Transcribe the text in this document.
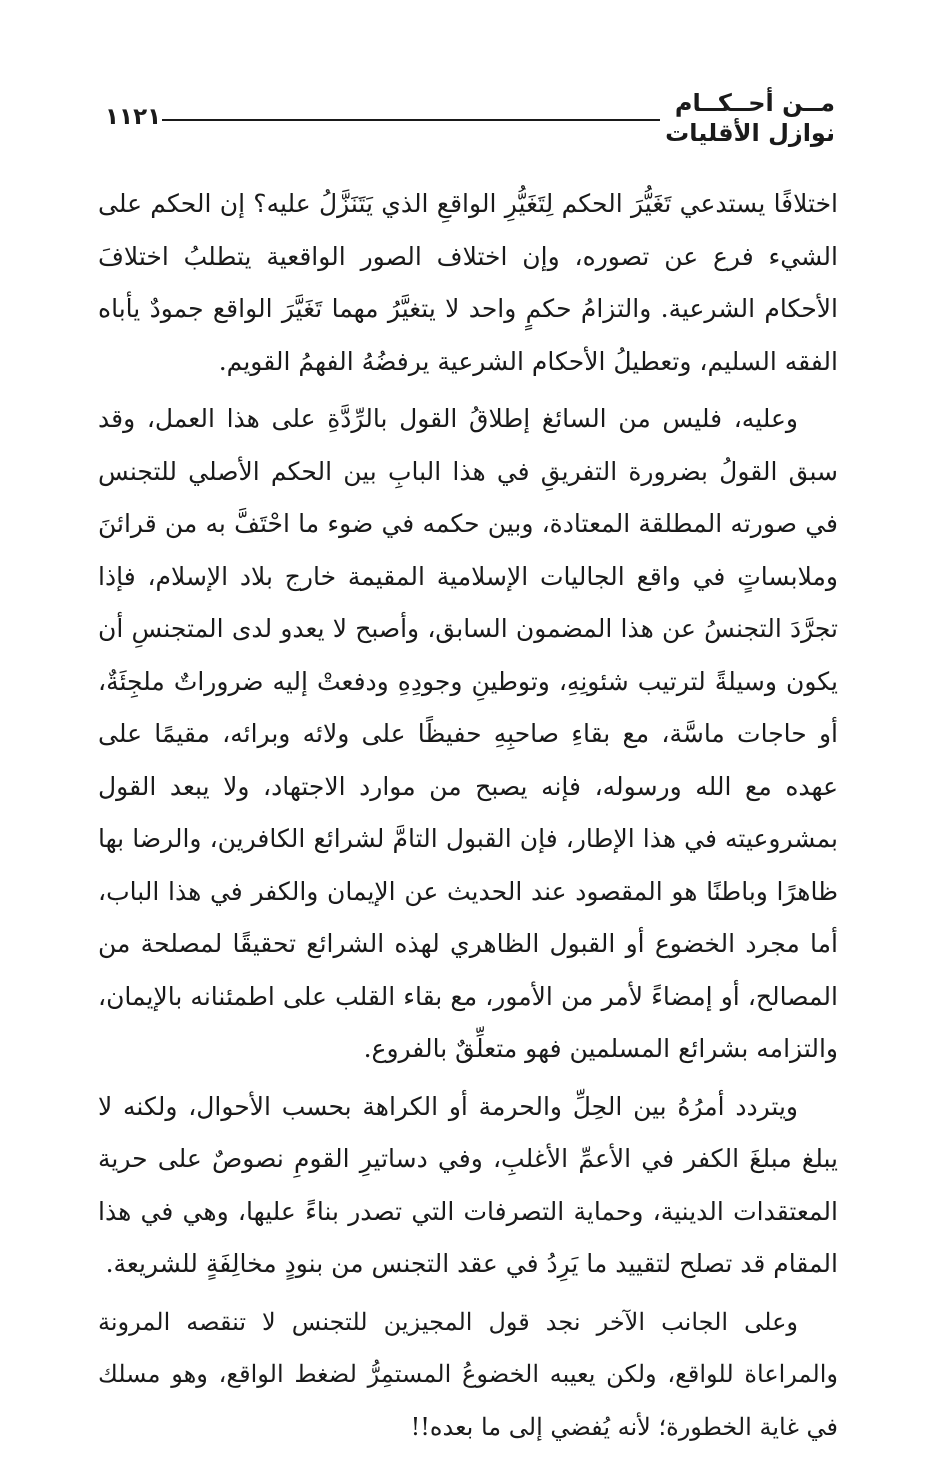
مــن أحــكــام
نوازل الأقليات
١١٢١

اختلافًا يستدعي تَغَيُّرَ الحكم لِتَغَيُّرِ الواقعِ الذي يَتَنَزَّلُ عليه؟ إن الحكم على الشيء فرع عن تصوره، وإن اختلاف الصور الواقعية يتطلبُ اختلافَ الأحكام الشرعية. والتزامُ حكمٍ واحد لا يتغيَّرُ مهما تَغَيَّرَ الواقع جمودٌ يأباه الفقه السليم، وتعطيلُ الأحكام الشرعية يرفضُهُ الفهمُ القويم.

وعليه، فليس من السائغ إطلاقُ القول بالرِّدَّةِ على هذا العمل، وقد سبق القولُ بضرورة التفريقِ في هذا البابِ بين الحكم الأصلي للتجنس في صورته المطلقة المعتادة، وبين حكمه في ضوء ما احْتَفَّ به من قرائنَ وملابساتٍ في واقع الجاليات الإسلامية المقيمة خارج بلاد الإسلام، فإذا تجرَّدَ التجنسُ عن هذا المضمون السابق، وأصبح لا يعدو لدى المتجنسِ أن يكون وسيلةً لترتيب شئونِهِ، وتوطينِ وجودِهِ ودفعتْ إليه ضروراتٌ ملجِئَةٌ، أو حاجات ماسَّة، مع بقاءِ صاحبِهِ حفيظًا على ولائه وبرائه، مقيمًا على عهده مع الله ورسوله، فإنه يصبح من موارد الاجتهاد، ولا يبعد القول بمشروعيته في هذا الإطار، فإن القبول التامَّ لشرائع الكافرين، والرضا بها ظاهرًا وباطنًا هو المقصود عند الحديث عن الإيمان والكفر في هذا الباب، أما مجرد الخضوع أو القبول الظاهري لهذه الشرائع تحقيقًا لمصلحة من المصالح، أو إمضاءً لأمر من الأمور، مع بقاء القلب على اطمئنانه بالإيمان، والتزامه بشرائع المسلمين فهو متعلِّقٌ بالفروع.

ويتردد أمرُهُ بين الحِلِّ والحرمة أو الكراهة بحسب الأحوال، ولكنه لا يبلغ مبلغَ الكفر في الأعمِّ الأغلبِ، وفي دساتيرِ القومِ نصوصٌ على حرية المعتقدات الدينية، وحماية التصرفات التي تصدر بناءً عليها، وهي في هذا المقام قد تصلح لتقييد ما يَرِدُ في عقد التجنس من بنودٍ مخالِفَةٍ للشريعة.

وعلى الجانب الآخر نجد قول المجيزين للتجنس لا تنقصه المرونة والمراعاة للواقع، ولكن يعيبه الخضوعُ المستمِرُّ لضغط الواقع، وهو مسلك في غاية الخطورة؛ لأنه يُفضي إلى ما بعده!!
